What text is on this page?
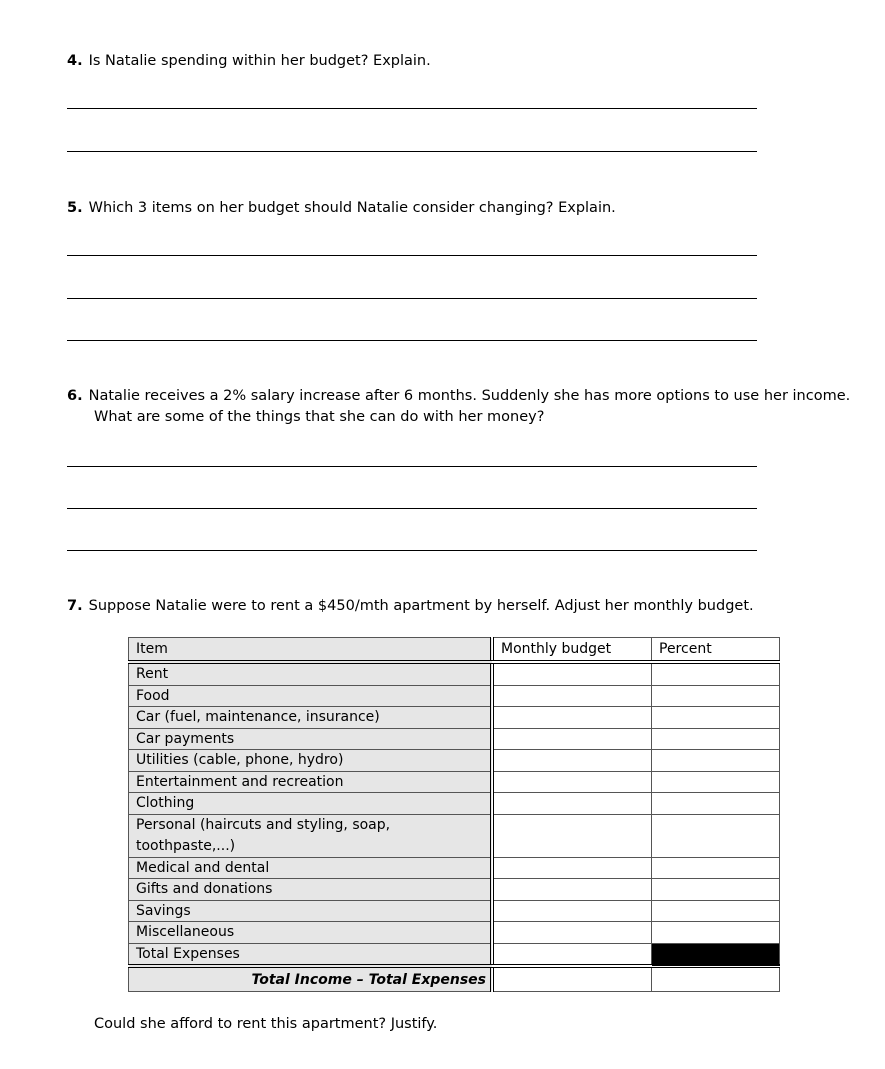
4. Is Natalie spending within her budget? Explain.
5. Which 3 items on her budget should Natalie consider changing? Explain.
6. Natalie receives a 2% salary increase after 6 months. Suddenly she has more options to use her income.
What are some of the things that she can do with her money?
7. Suppose Natalie were to rent a $450/mth apartment by herself. Adjust her monthly budget.
Item	Monthly budget	Percent
Rent		
Food		
Car (fuel, maintenance, insurance)		
Car payments		
Utilities (cable, phone, hydro)		
Entertainment and recreation		
Clothing		
Personal (haircuts and styling, soap, toothpaste,...)		
Medical and dental		
Gifts and donations		
Savings		
Miscellaneous		
Total Expenses		
Total Income – Total Expenses		
Could she afford to rent this apartment? Justify.
